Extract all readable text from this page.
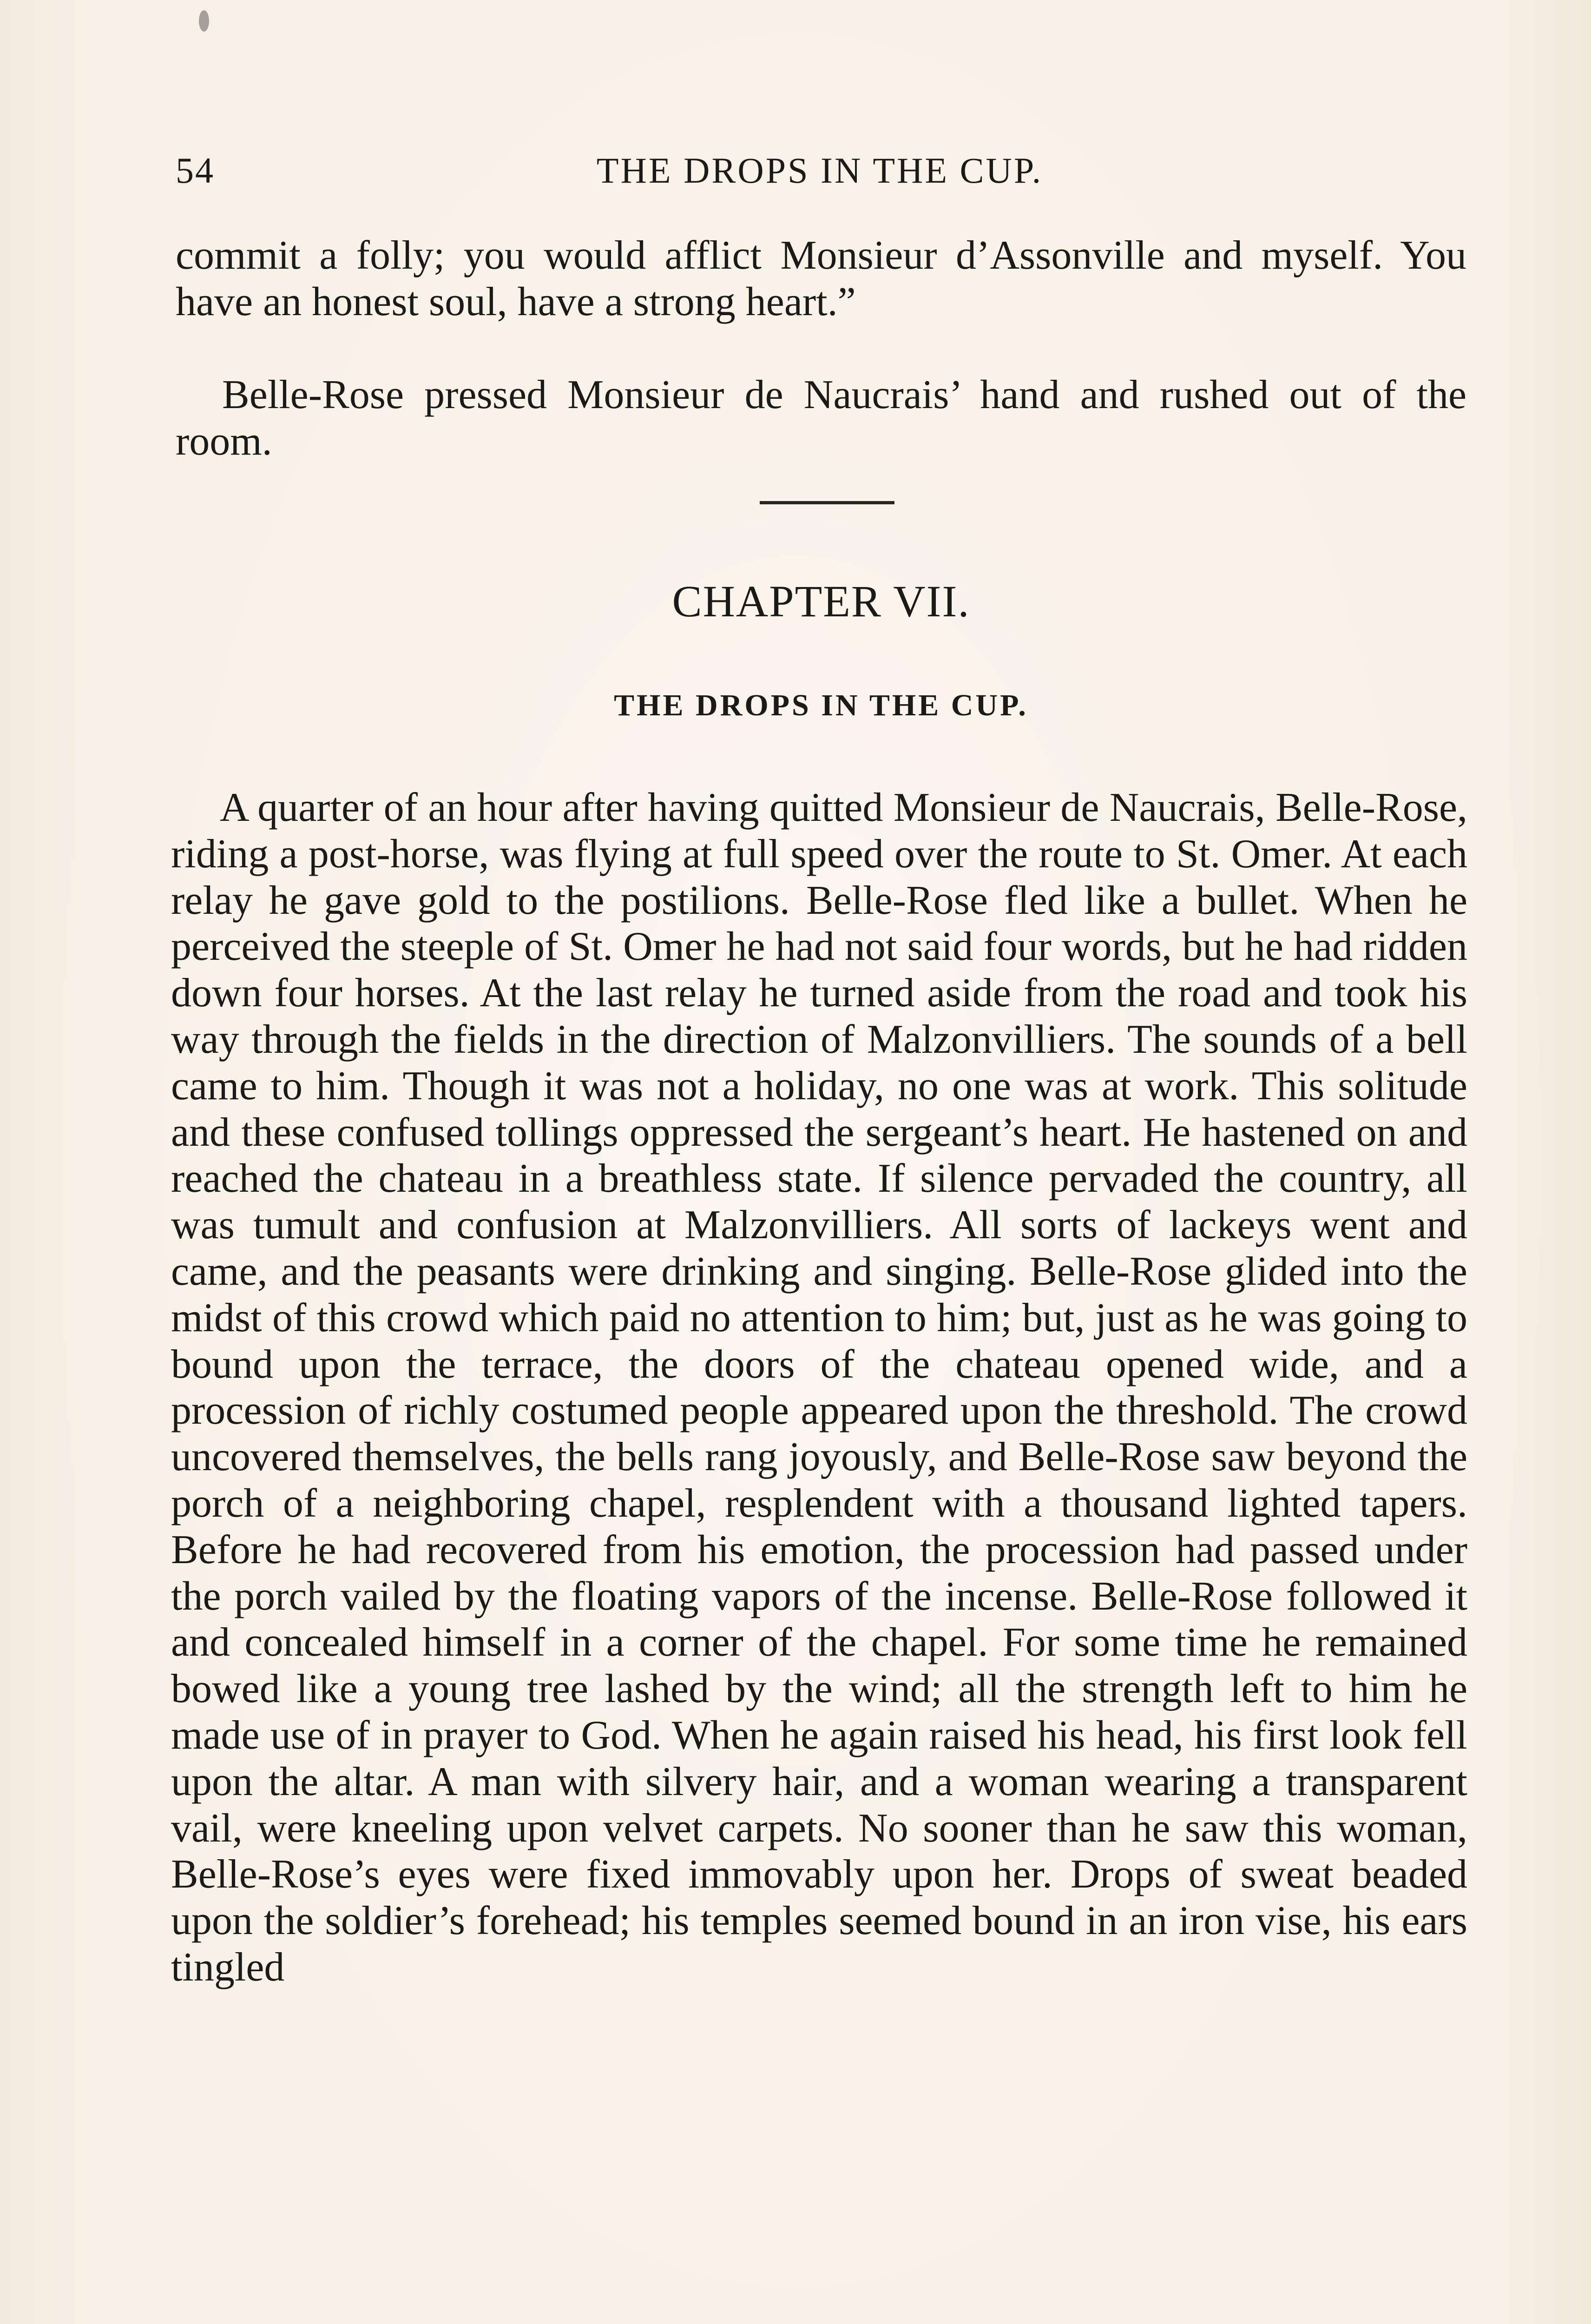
54	THE DROPS IN THE CUP.
commit a folly; you would afflict Monsieur d’Assonville and myself. You have an honest soul, have a strong heart.”
Belle-Rose pressed Monsieur de Naucrais’ hand and rushed out of the room.
CHAPTER VII.
THE DROPS IN THE CUP.
A quarter of an hour after having quitted Monsieur de Naucrais, Belle-Rose, riding a post-horse, was flying at full speed over the route to St. Omer. At each relay he gave gold to the postilions. Belle-Rose fled like a bullet. When he perceived the steeple of St. Omer he had not said four words, but he had ridden down four horses. At the last relay he turned aside from the road and took his way through the fields in the direction of Malzonvilliers. The sounds of a bell came to him. Though it was not a holiday, no one was at work. This solitude and these confused tollings oppressed the sergeant’s heart. He hastened on and reached the chateau in a breathless state. If silence pervaded the country, all was tumult and confusion at Malzonvilliers. All sorts of lackeys went and came, and the peasants were drinking and singing. Belle-Rose glided into the midst of this crowd which paid no attention to him; but, just as he was going to bound upon the terrace, the doors of the chateau opened wide, and a procession of richly costumed people appeared upon the threshold. The crowd uncovered themselves, the bells rang joyously, and Belle-Rose saw beyond the porch of a neighboring chapel, resplendent with a thousand lighted tapers. Before he had recovered from his emotion, the procession had passed under the porch vailed by the floating vapors of the incense. Belle-Rose followed it and concealed himself in a corner of the chapel. For some time he remained bowed like a young tree lashed by the wind; all the strength left to him he made use of in prayer to God. When he again raised his head, his first look fell upon the altar. A man with silvery hair, and a woman wearing a transparent vail, were kneeling upon velvet carpets. No sooner than he saw this woman, Belle-Rose’s eyes were fixed immovably upon her. Drops of sweat beaded upon the soldier’s forehead; his temples seemed bound in an iron vise, his ears tingled
